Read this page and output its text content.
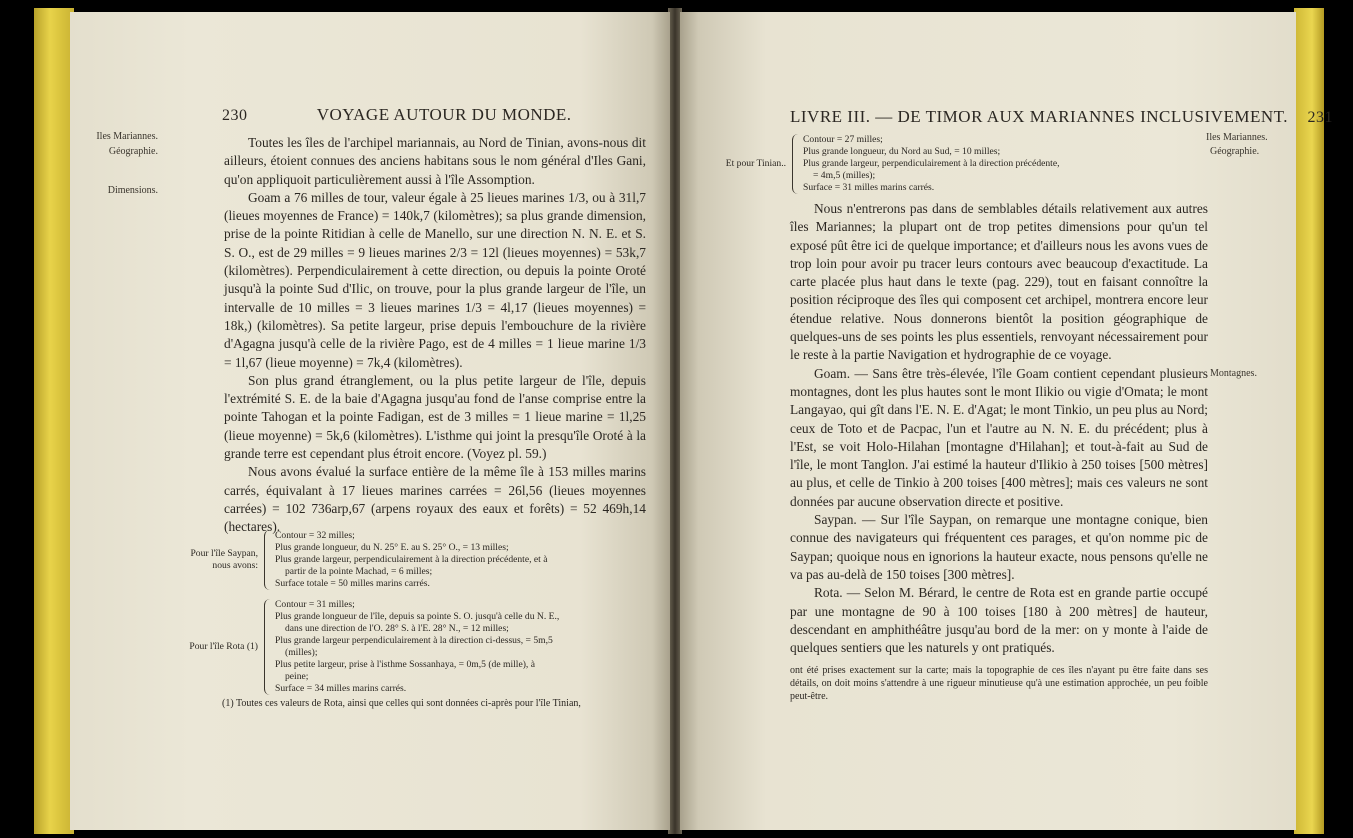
230	VOYAGE AUTOUR DU MONDE.
Iles Mariannes.
Géographie.
Dimensions.

Toutes les îles de l'archipel mariannais, au Nord de Tinian, avons-nous dit ailleurs, étoient connues des anciens habitans sous le nom général d'Iles Gani, qu'on appliquoit particulièrement aussi à l'île Assomption.

Goam a 76 milles de tour, valeur égale à 25 lieues marines 1/3, ou à 31l,7 (lieues moyennes de France) = 140k,7 (kilomètres); sa plus grande dimension, prise de la pointe Ritidian à celle de Manello, sur une direction N. N. E. et S. S. O., est de 29 milles = 9 lieues marines 2/3 = 12l (lieues moyennes) = 53k,7 (kilomètres). Perpendiculairement à cette direction, ou depuis la pointe Oroté jusqu'à la pointe Sud d'Ilic, on trouve, pour la plus grande largeur de l'île, un intervalle de 10 milles = 3 lieues marines 1/3 = 4l,17 (lieues moyennes) = 18k,) (kilomètres). Sa petite largeur, prise depuis l'embouchure de la rivière d'Agagna jusqu'à celle de la rivière Pago, est de 4 milles = 1 lieue marine 1/3 = 1l,67 (lieue moyenne) = 7k,4 (kilomètres).

Son plus grand étranglement, ou la plus petite largeur de l'île, depuis l'extrémité S. E. de la baie d'Agagna jusqu'au fond de l'anse comprise entre la pointe Tahogan et la pointe Fadigan, est de 3 milles = 1 lieue marine = 1l,25 (lieue moyenne) = 5k,6 (kilomètres). L'isthme qui joint la presqu'île Oroté à la grande terre est cependant plus étroit encore. (Voyez pl. 59.)

Nous avons évalué la surface entière de la même île à 153 milles marins carrés, équivalant à 17 lieues marines carrées = 26l,56 (lieues moyennes carrées) = 102 736arp,67 (arpens royaux des eaux et forêts) = 52 469h,14 (hectares).

Pour l'île Saypan, nous avons:
Contour = 32 milles;
Plus grande longueur, du N. 25° E. au S. 25° O., = 13 milles;
Plus grande largeur, perpendiculairement à la direction précédente, et à
partir de la pointe Machad, = 6 milles;
Surface totale = 50 milles marins carrés.
Pour l'île Rota (1)
Contour = 31 milles;
Plus grande longueur de l'île, depuis sa pointe S. O. jusqu'à celle du N. E.,
dans une direction de l'O. 28° S. à l'E. 28° N., = 12 milles;
Plus grande largeur perpendiculairement à la direction ci-dessus, = 5m,5
(milles);
Plus petite largeur, prise à l'isthme Sossanhaya, = 0m,5 (de mille), à
peine;
Surface = 34 milles marins carrés.
(1) Toutes ces valeurs de Rota, ainsi que celles qui sont données ci-après pour l'île Tinian,
LIVRE III. — DE TIMOR AUX MARIANNES INCLUSIVEMENT. 231
Iles Mariannes.
Géographie.
Montagnes.
Et pour Tinian..
Contour = 27 milles;
Plus grande longueur, du Nord au Sud, = 10 milles;
Plus grande largeur, perpendiculairement à la direction précédente,
= 4m,5 (milles);
Surface = 31 milles marins carrés.

Nous n'entrerons pas dans de semblables détails relativement aux autres îles Mariannes; la plupart ont de trop petites dimensions pour qu'un tel exposé pût être ici de quelque importance; et d'ailleurs nous les avons vues de trop loin pour avoir pu tracer leurs contours avec beaucoup d'exactitude. La carte placée plus haut dans le texte (pag. 229), tout en faisant connoître la position réciproque des îles qui composent cet archipel, montrera encore leur étendue relative. Nous donnerons bientôt la position géographique de quelques-uns de ses points les plus essentiels, renvoyant nécessairement pour le reste à la partie Navigation et hydrographie de ce voyage.

Goam. — Sans être très-élevée, l'île Goam contient cependant plusieurs montagnes, dont les plus hautes sont le mont Ilikio ou vigie d'Omata; le mont Langayao, qui gît dans l'E. N. E. d'Agat; le mont Tinkio, un peu plus au Nord; ceux de Toto et de Pacpac, l'un et l'autre au N. N. E. du précédent; plus à l'Est, se voit Holo-Hilahan [montagne d'Hilahan]; et tout-à-fait au Sud de l'île, le mont Tanglon. J'ai estimé la hauteur d'Ilikio à 250 toises [500 mètres] au plus, et celle de Tinkio à 200 toises [400 mètres]; mais ces valeurs ne sont données par aucune observation directe et positive.

Saypan. — Sur l'île Saypan, on remarque une montagne conique, bien connue des navigateurs qui fréquentent ces parages, et qu'on nomme pic de Saypan; quoique nous en ignorions la hauteur exacte, nous pensons qu'elle ne va pas au-delà de 150 toises [300 mètres].

Rota. — Selon M. Bérard, le centre de Rota est en grande partie occupé par une montagne de 90 à 100 toises [180 à 200 mètres] de hauteur, descendant en amphithéâtre jusqu'au bord de la mer: on y monte à l'aide de quelques sentiers que les naturels y ont pratiqués.

ont été prises exactement sur la carte; mais la topographie de ces îles n'ayant pu être faite dans ses détails, on doit moins s'attendre à une rigueur minutieuse qu'à une estimation approchée, un peu foible peut-être.
